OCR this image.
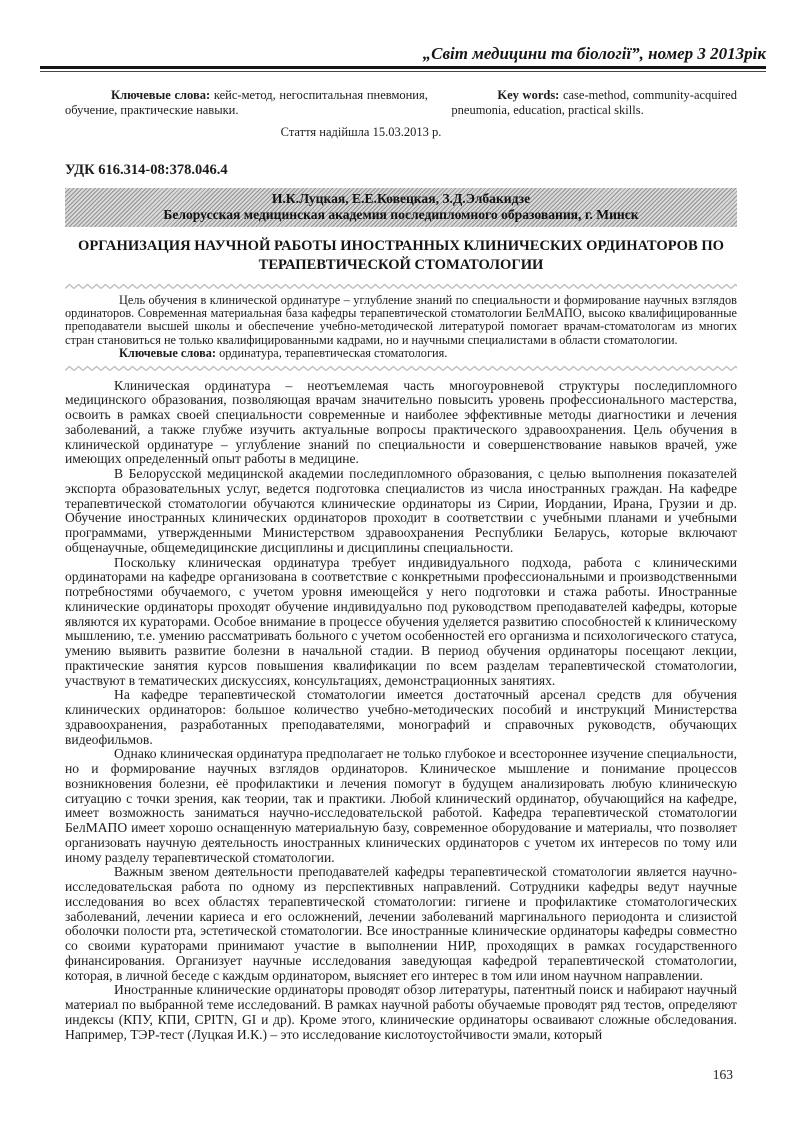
„Світ медицини та біології”, номер 3 2013рік

Ключевые слова: кейс-метод, негоспитальная пневмония, обучение, практические навыки.

Key words: case-method, community-acquired pneumonia, education, practical skills.

Стаття надійшла 15.03.2013 р.

УДК 616.314-08:378.046.4

И.К.Луцкая, Е.Е.Ковецкая, З.Д.Элбакидзе
Белорусская медицинская академия последипломного образования, г. Минск
ОРГАНИЗАЦИЯ НАУЧНОЙ РАБОТЫ ИНОСТРАННЫХ КЛИНИЧЕСКИХ ОРДИНАТОРОВ ПО ТЕРАПЕВТИЧЕСКОЙ СТОМАТОЛОГИИ

Цель обучения в клинической ординатуре – углубление знаний по специальности и формирование научных взглядов ординаторов. Современная материальная база кафедры терапевтической стоматологии БелМАПО, высоко квалифицированные преподаватели высшей школы и обеспечение учебно-методической литературой помогает врачам-стоматологам из многих стран становиться не только квалифицированными кадрами, но и научными специалистами в области стоматологии.

Ключевые слова: ординатура, терапевтическая стоматология.

Клиническая ординатура – неотъемлемая часть многоуровневой структуры последипломного медицинского образования, позволяющая врачам значительно повысить уровень профессионального мастерства, освоить в рамках своей специальности современные и наиболее эффективные методы диагностики и лечения заболеваний, а также глубже изучить актуальные вопросы практического здравоохранения. Цель обучения в клинической ординатуре – углубление знаний по специальности и совершенствование навыков врачей, уже имеющих определенный опыт работы в медицине.

В Белорусской медицинской академии последипломного образования, с целью выполнения показателей экспорта образовательных услуг, ведется подготовка специалистов из числа иностранных граждан. На кафедре терапевтической стоматологии обучаются клинические ординаторы из Сирии, Иордании, Ирана, Грузии и др. Обучение иностранных клинических ординаторов проходит в соответствии с учебными планами и учебными программами, утвержденными Министерством здравоохранения Республики Беларусь, которые включают общенаучные, общемедицинские дисциплины и дисциплины специальности.

Поскольку клиническая ординатура требует индивидуального подхода, работа с клиническими ординаторами на кафедре организована в соответствие с конкретными профессиональными и производственными потребностями обучаемого, с учетом уровня имеющейся у него подготовки и стажа работы. Иностранные клинические ординаторы проходят обучение индивидуально под руководством преподавателей кафедры, которые являются их кураторами. Особое внимание в процессе обучения уделяется развитию способностей к клиническому мышлению, т.е. умению рассматривать больного с учетом особенностей его организма и психологического статуса, умению выявить развитие болезни в начальной стадии. В период обучения ординаторы посещают лекции, практические занятия курсов повышения квалификации по всем разделам терапевтической стоматологии, участвуют в тематических дискуссиях, консультациях, демонстрационных занятиях.

На кафедре терапевтической стоматологии имеется достаточный арсенал средств для обучения клинических ординаторов: большое количество учебно-методических пособий и инструкций Министерства здравоохранения, разработанных преподавателями, монографий и справочных руководств, обучающих видеофильмов.

Однако клиническая ординатура предполагает не только глубокое и всестороннее изучение специальности, но и формирование научных взглядов ординаторов. Клиническое мышление и понимание процессов возникновения болезни, её профилактики и лечения помогут в будущем анализировать любую клиническую ситуацию с точки зрения, как теории, так и практики. Любой клинический ординатор, обучающийся на кафедре, имеет возможность заниматься научно-исследовательской работой. Кафедра терапевтической стоматологии БелМАПО имеет хорошо оснащенную материальную базу, современное оборудование и материалы, что позволяет организовать научную деятельность иностранных клинических ординаторов с учетом их интересов по тому или иному разделу терапевтической стоматологии.

Важным звеном деятельности преподавателей кафедры терапевтической стоматологии является научно-исследовательская работа по одному из перспективных направлений. Сотрудники кафедры ведут научные исследования во всех областях терапевтической стоматологии: гигиене и профилактике стоматологических заболеваний, лечении кариеса и его осложнений, лечении заболеваний маргинального периодонта и слизистой оболочки полости рта, эстетической стоматологии. Все иностранные клинические ординаторы кафедры совместно со своими кураторами принимают участие в выполнении НИР, проходящих в рамках государственного финансирования. Организует научные исследования заведующая кафедрой терапевтической стоматологии, которая, в личной беседе с каждым ординатором, выясняет его интерес в том или ином научном направлении.

Иностранные клинические ординаторы проводят обзор литературы, патентный поиск и набирают научный материал по выбранной теме исследований. В рамках научной работы обучаемые проводят ряд тестов, определяют индексы (КПУ, КПИ, CPITN, GI и др). Кроме этого, клинические ординаторы осваивают сложные обследования. Например, ТЭР-тест (Луцкая И.К.) – это исследование кислотоустойчивости эмали, который

163
